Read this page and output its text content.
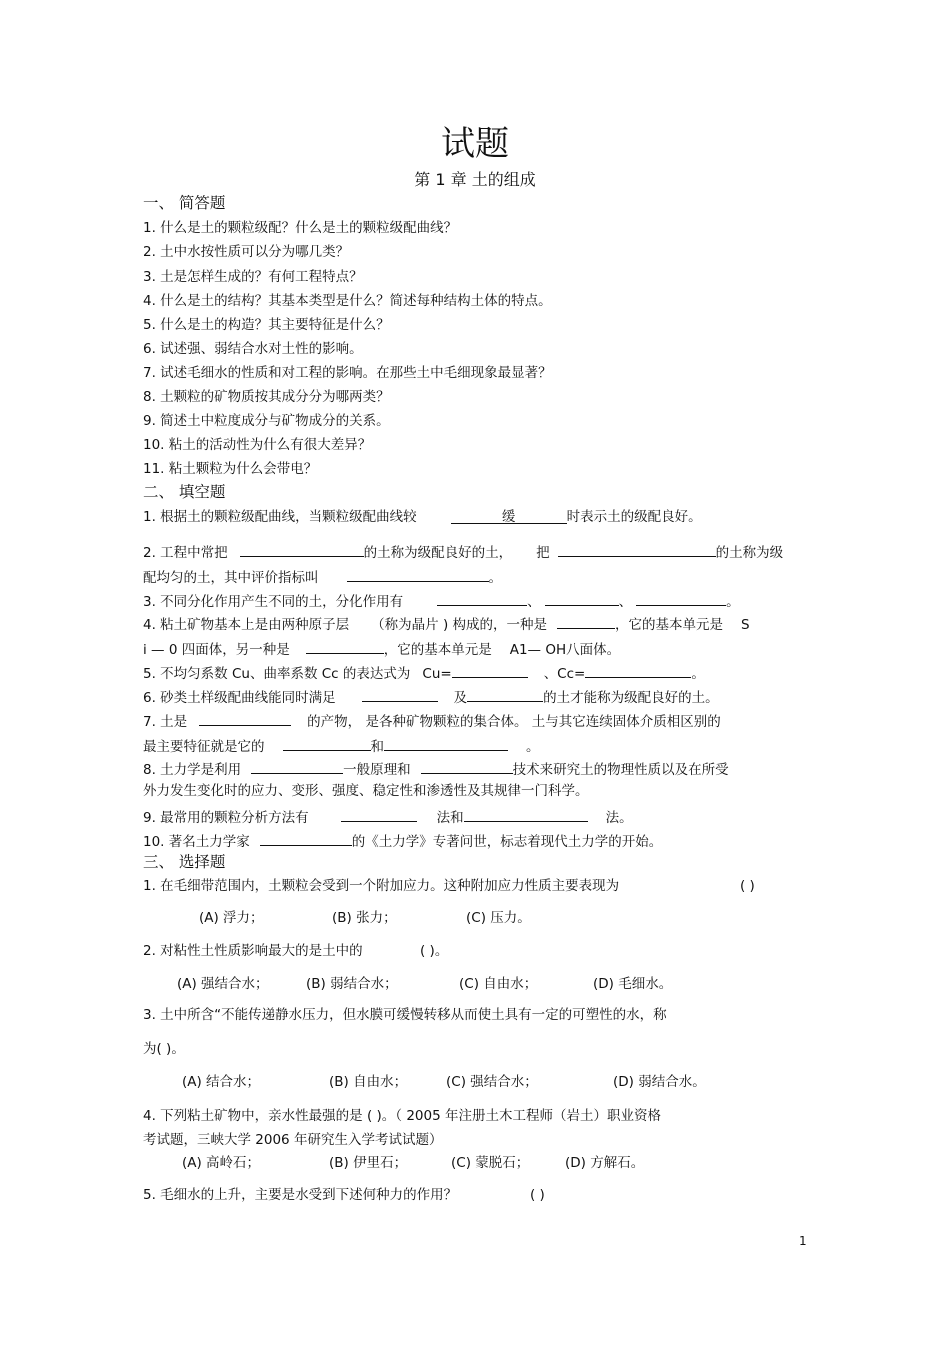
试题
第 1 章 土的组成
一、 简答题
1. 什么是土的颗粒级配？什么是土的颗粒级配曲线？
2. 土中水按性质可以分为哪几类？
3. 土是怎样生成的？有何工程特点？
4. 什么是土的结构？其基本类型是什么？简述每种结构土体的特点。
5. 什么是土的构造？其主要特征是什么？
6. 试述强、弱结合水对土性的影响。
7. 试述毛细水的性质和对工程的影响。在那些土中毛细现象最显著？
8. 土颗粒的矿物质按其成分分为哪两类？
9. 简述土中粒度成分与矿物成分的关系。
10. 粘土的活动性为什么有很大差异？
11. 粘土颗粒为什么会带电？
二、 填空题
1. 根据土的颗粒级配曲线，当颗粒级配曲线较	缓	时表示土的级配良好。
2. 工程中常把	的土称为级配良好的土， 把	的土称为级
配均匀的土，其中评价指标叫	。
3. 不同分化作用产生不同的土，分化作用有	、	、	。
4. 粘土矿物基本上是由两种原子层 （称为晶片 ) 构成的，一种是	，它的基本单元是 S
i — 0 四面体，另一种是	，它的基本单元是 A1— OH八面体。
5. 不均匀系数 Cu、曲率系数 Cc 的表达式为 Cu=	、Cc=	。
6. 砂类土样级配曲线能同时满足	及	的土才能称为级配良好的土。
7. 土是	的产物， 是各种矿物颗粒的集合体。 土与其它连续固体介质相区别的
最主要特征就是它的	和	。
8. 土力学是利用	一般原理和	技术来研究土的物理性质以及在所受
外力发生变化时的应力、变形、强度、稳定性和渗透性及其规律一门科学。
9. 最常用的颗粒分析方法有	法和	法。
10. 著名土力学家	的《土力学》专著问世，标志着现代土力学的开始。
三、 选择题
1. 在毛细带范围内，土颗粒会受到一个附加应力。这种附加应力性质主要表现为	( )
(A) 浮力；	(B) 张力；	(C) 压力。
2. 对粘性土性质影响最大的是土中的	( )。
(A) 强结合水；	(B) 弱结合水；	(C) 自由水；	(D) 毛细水。
3. 土中所含“不能传递静水压力，但水膜可缓慢转移从而使土具有一定的可塑性的水，称
为( )。
(A) 结合水；	(B) 自由水；	(C) 强结合水；	(D) 弱结合水。
4. 下列粘土矿物中，亲水性最强的是 ( )。（ 2005 年注册土木工程师（岩土）职业资格
考试题，三峡大学 2006 年研究生入学考试试题）
(A) 高岭石；	(B) 伊里石；	(C) 蒙脱石；	(D) 方解石。
5. 毛细水的上升，主要是水受到下述何种力的作用？	( )
1
